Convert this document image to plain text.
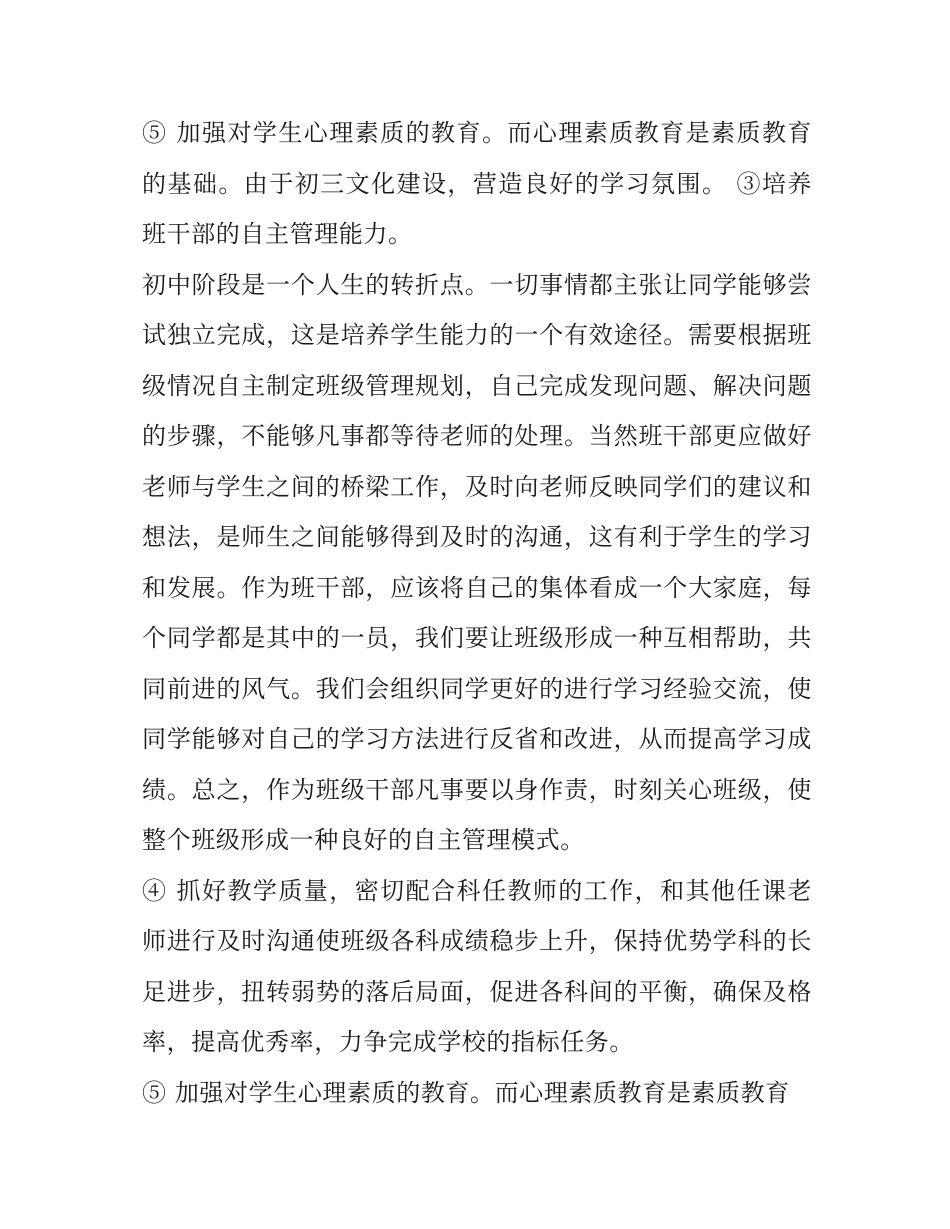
⑤ 加强对学生心理素质的教育。而心理素质教育是素质教育的基础。由于初三文化建设，营造良好的学习氛围。 ③培养班干部的自主管理能力。

初中阶段是一个人生的转折点。一切事情都主张让同学能够尝试独立完成，这是培养学生能力的一个有效途径。需要根据班级情况自主制定班级管理规划，自己完成发现问题、解决问题的步骤，不能够凡事都等待老师的处理。当然班干部更应做好老师与学生之间的桥梁工作，及时向老师反映同学们的建议和想法，是师生之间能够得到及时的沟通，这有利于学生的学习和发展。作为班干部，应该将自己的集体看成一个大家庭，每个同学都是其中的一员，我们要让班级形成一种互相帮助，共同前进的风气。我们会组织同学更好的进行学习经验交流，使同学能够对自己的学习方法进行反省和改进，从而提高学习成绩。总之，作为班级干部凡事要以身作责，时刻关心班级，使整个班级形成一种良好的自主管理模式。

④ 抓好教学质量，密切配合科任教师的工作，和其他任课老师进行及时沟通使班级各科成绩稳步上升，保持优势学科的长足进步，扭转弱势的落后局面，促进各科间的平衡，确保及格率，提高优秀率，力争完成学校的指标任务。

⑤ 加强对学生心理素质的教育。而心理素质教育是素质教育
